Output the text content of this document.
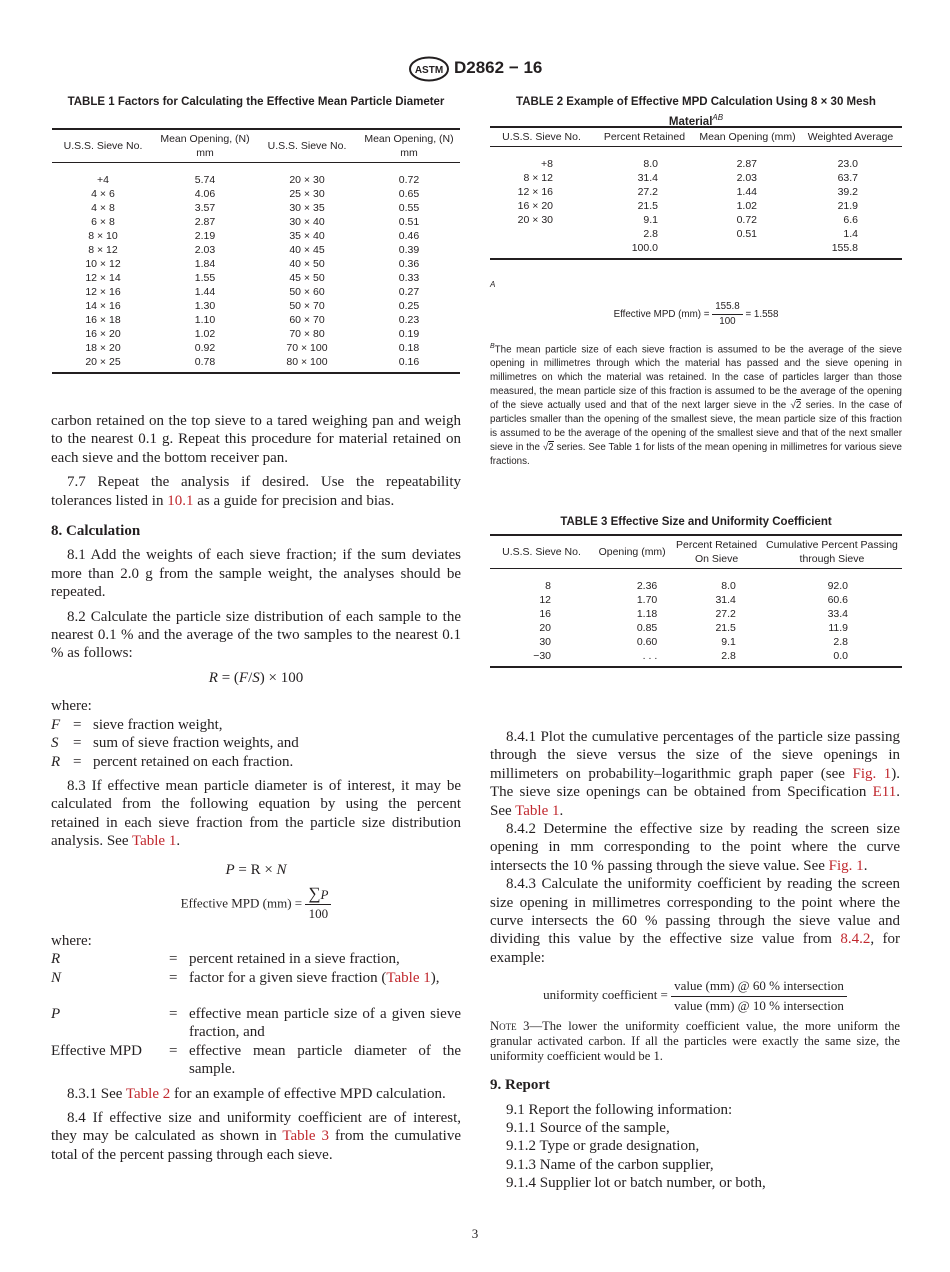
ASTM D2862 − 16
TABLE 1 Factors for Calculating the Effective Mean Particle Diameter
U.S.S. Sieve No.	Mean Opening, (N) mm	U.S.S. Sieve No.	Mean Opening, (N) mm

+4	5.74	20 × 30	0.72
4 × 6	4.06	25 × 30	0.65
4 × 8	3.57	30 × 35	0.55
6 × 8	2.87	30 × 40	0.51
8 × 10	2.19	35 × 40	0.46
8 × 12	2.03	40 × 45	0.39
10 × 12	1.84	40 × 50	0.36
12 × 14	1.55	45 × 50	0.33
12 × 16	1.44	50 × 60	0.27
14 × 16	1.30	50 × 70	0.25
16 × 18	1.10	60 × 70	0.23
16 × 20	1.02	70 × 80	0.19
18 × 20	0.92	70 × 100	0.18
20 × 25	0.78	80 × 100	0.16
TABLE 2 Example of Effective MPD Calculation Using 8 × 30 Mesh Material$^{AB}$
U.S.S. Sieve No.	Percent Retained	Mean Opening (mm)	Weighted Average

+8	8.0	2.87	23.0
8 × 12	31.4	2.03	63.7
12 × 16	27.2	1.44	39.2
16 × 20	21.5	1.02	21.9
20 × 30	9.1	0.72	6.6
	2.8	0.51	1.4
	100.0		155.8
A
Effective MPD $(mm) = \frac{155.8}{100} = 1.558$
$^B$The mean particle size of each sieve fraction is assumed to be the average of the sieve opening in millimetres through which the material has passed and the sieve opening in millimetres on which the material was retained. In the case of particles larger than those measured, the mean particle size of this fraction is assumed to be the average of the opening of the sieve actually used and that of the next larger sieve in the √2 series. In the case of particles smaller than the opening of the smallest sieve, the mean particle size of this fraction is assumed to be the average of the opening of the smallest sieve and that of the next smaller sieve in the √2 series. See Table 1 for lists of the mean opening in millimetres for various sieve fractions.
TABLE 3 Effective Size and Uniformity Coefficient
U.S.S. Sieve No.	Opening (mm)	Percent Retained On Sieve	Cumulative Percent Passing through Sieve

8	2.36	8.0	92.0
12	1.70	31.4	60.6
16	1.18	27.2	33.4
20	0.85	21.5	11.9
30	0.60	9.1	2.8
−30	. . .	2.8	0.0

carbon retained on the top sieve to a tared weighing pan and weigh to the nearest 0.1 g. Repeat this procedure for material retained on each sieve and the bottom receiver pan.

7.7 Repeat the analysis if desired. Use the repeatability tolerances listed in 10.1 as a guide for precision and bias.

8. Calculation

8.1 Add the weights of each sieve fraction; if the sum deviates more than 2.0 g from the sample weight, the analyses should be repeated.

8.2 Calculate the particle size distribution of each sample to the nearest 0.1 % and the average of the two samples to the nearest 0.1 % as follows:

R = (F/S) × 100

where:

F = sieve fraction weight,
S = sum of sieve fraction weights, and
R = percent retained on each fraction.

8.3 If effective mean particle diameter is of interest, it may be calculated from the following equation by using the percent retained in each sieve fraction from the particle size distribution analysis. See Table 1.

P = R × N

Effective MPD $(mm) = \frac{\sum P}{100}$

where:

R	= percent retained in a sieve fraction,
N	= factor for a given sieve fraction (Table 1),
P	= effective mean particle size of a given sieve fraction, and
Effective MPD	= effective mean particle diameter of the sample.

8.3.1 See Table 2 for an example of effective MPD calculation.

8.4 If effective size and uniformity coefficient are of interest, they may be calculated as shown in Table 3 from the cumulative total of the percent passing through each sieve.

8.4.1 Plot the cumulative percentages of the particle size passing through the sieve versus the size of the sieve openings in millimeters on probability–logarithmic graph paper (see Fig. 1). The sieve size openings can be obtained from Specification E11. See Table 1.

8.4.2 Determine the effective size by reading the screen size opening in mm corresponding to the point where the curve intersects the 10 % passing through the sieve value. See Fig. 1.

8.4.3 Calculate the uniformity coefficient by reading the screen size opening in millimetres corresponding to the point where the curve intersects the 60 % passing through the sieve value and dividing this value by the effective size value from 8.4.2, for example:

uniformity coefficient = $\frac{\text{value (mm) @ 60 \% intersection}}{\text{value (mm) @ 10 \% intersection}}$

Note 3—The lower the uniformity coefficient value, the more uniform the granular activated carbon. If all the particles were exactly the same size, the uniformity coefficient would be 1.

9. Report

9.1 Report the following information:

9.1.1 Source of the sample,

9.1.2 Type or grade designation,

9.1.3 Name of the carbon supplier,

9.1.4 Supplier lot or batch number, or both,

3
